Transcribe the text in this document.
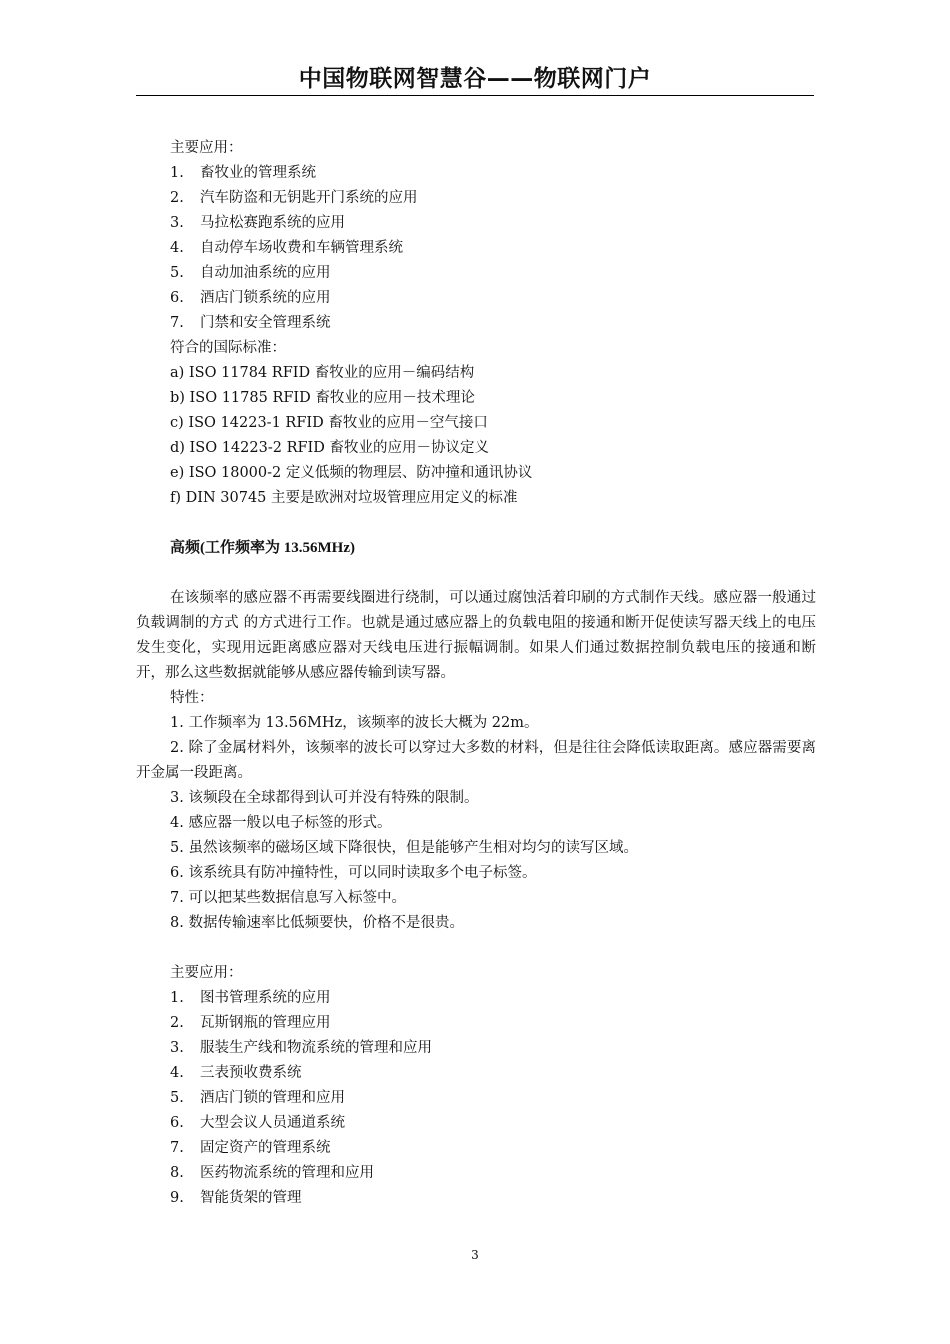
中国物联网智慧谷——物联网门户
主要应用：
1. 畜牧业的管理系统
2. 汽车防盗和无钥匙开门系统的应用
3. 马拉松赛跑系统的应用
4. 自动停车场收费和车辆管理系统
5. 自动加油系统的应用
6. 酒店门锁系统的应用
7. 门禁和安全管理系统
符合的国际标准：
a) ISO 11784 RFID 畜牧业的应用－编码结构
b) ISO 11785 RFID 畜牧业的应用－技术理论
c) ISO 14223-1 RFID 畜牧业的应用－空气接口
d) ISO 14223-2 RFID 畜牧业的应用－协议定义
e) ISO 18000-2 定义低频的物理层、防冲撞和通讯协议
f) DIN 30745 主要是欧洲对垃圾管理应用定义的标准
高频(工作频率为 13.56MHz)
在该频率的感应器不再需要线圈进行绕制，可以通过腐蚀活着印刷的方式制作天线。感应器一般通过负载调制的方式 的方式进行工作。也就是通过感应器上的负载电阻的接通和断开促使读写器天线上的电压发生变化，实现用远距离感应器对天线电压进行振幅调制。如果人们通过数据控制负载电压的接通和断开，那么这些数据就能够从感应器传输到读写器。
特性：
1. 工作频率为 13.56MHz，该频率的波长大概为 22m。
2. 除了金属材料外，该频率的波长可以穿过大多数的材料，但是往往会降低读取距离。感应器需要离开金属一段距离。
3. 该频段在全球都得到认可并没有特殊的限制。
4. 感应器一般以电子标签的形式。
5. 虽然该频率的磁场区域下降很快，但是能够产生相对均匀的读写区域。
6. 该系统具有防冲撞特性，可以同时读取多个电子标签。
7. 可以把某些数据信息写入标签中。
8. 数据传输速率比低频要快，价格不是很贵。
主要应用：
1. 图书管理系统的应用
2. 瓦斯钢瓶的管理应用
3. 服装生产线和物流系统的管理和应用
4. 三表预收费系统
5. 酒店门锁的管理和应用
6. 大型会议人员通道系统
7. 固定资产的管理系统
8. 医药物流系统的管理和应用
9. 智能货架的管理
3
